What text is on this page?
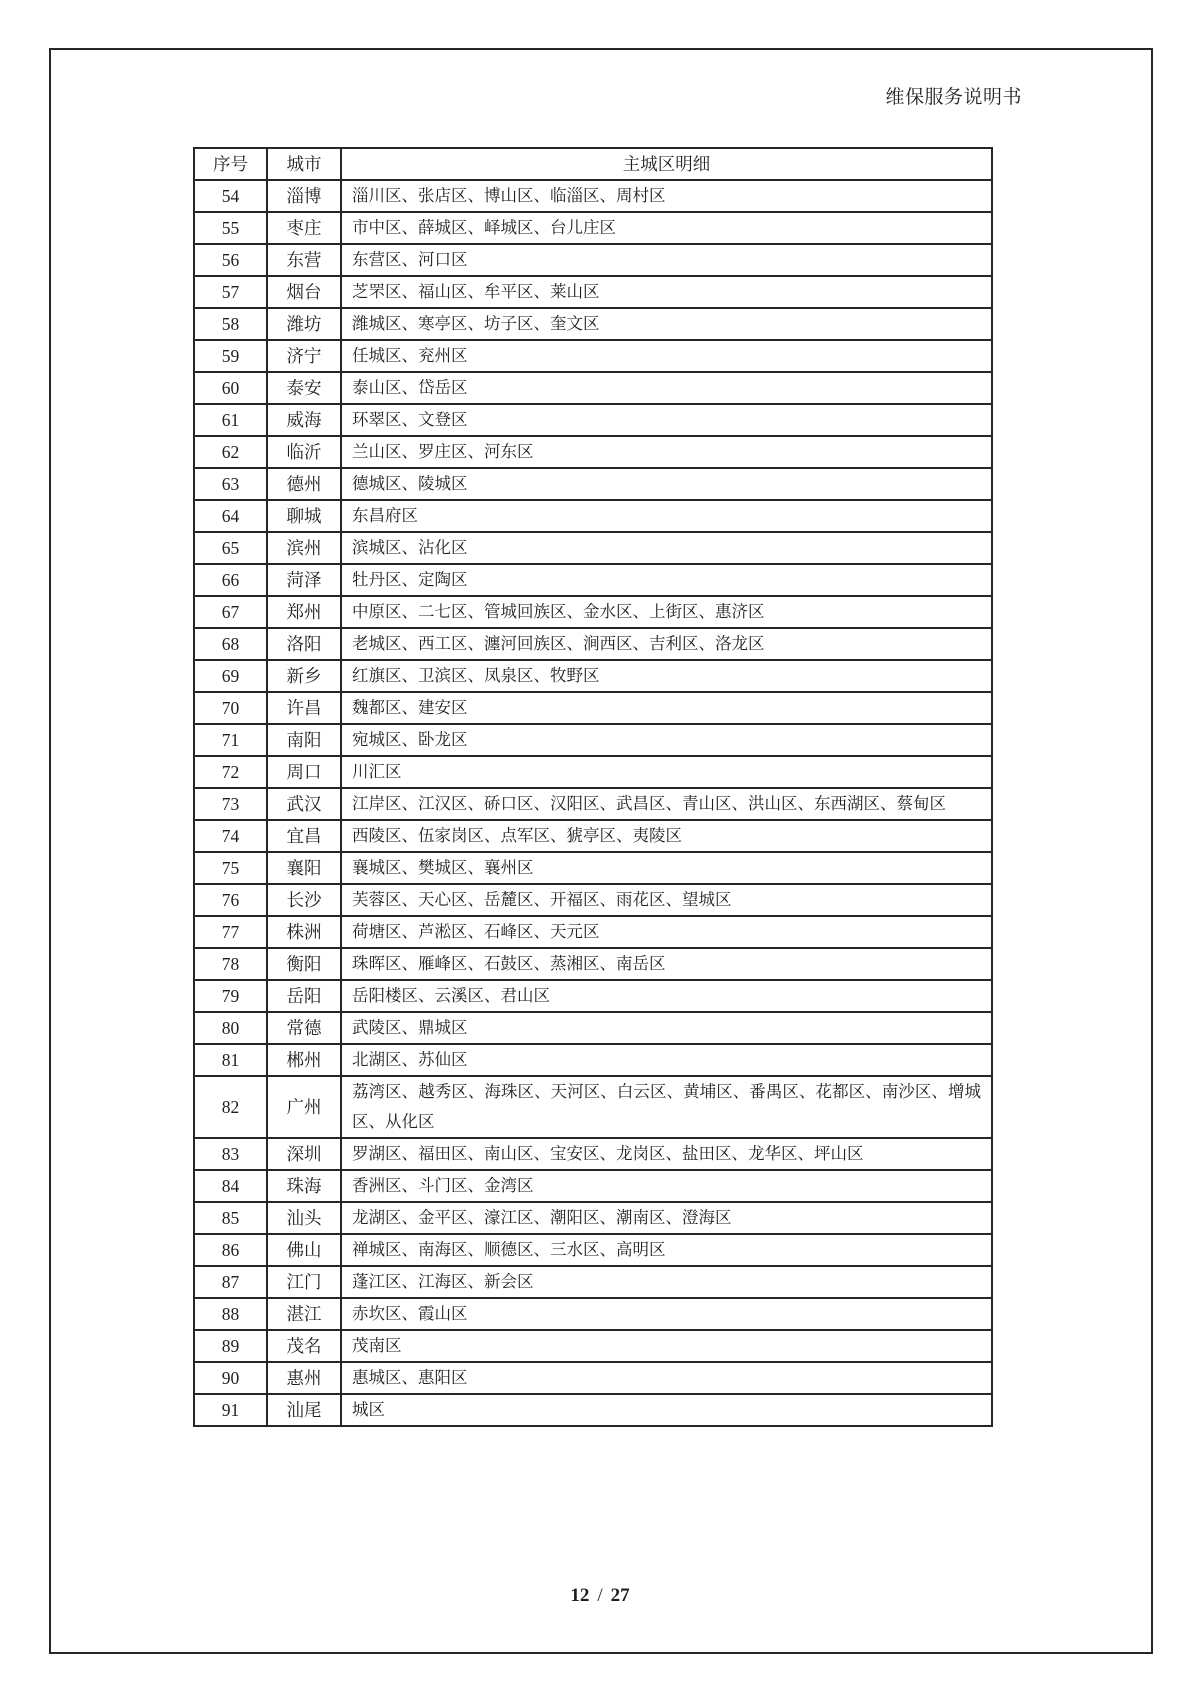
维保服务说明书
序号	城市	主城区明细
54	淄博	淄川区、张店区、博山区、临淄区、周村区
55	枣庄	市中区、薛城区、峄城区、台儿庄区
56	东营	东营区、河口区
57	烟台	芝罘区、福山区、牟平区、莱山区
58	潍坊	潍城区、寒亭区、坊子区、奎文区
59	济宁	任城区、兖州区
60	泰安	泰山区、岱岳区
61	威海	环翠区、文登区
62	临沂	兰山区、罗庄区、河东区
63	德州	德城区、陵城区
64	聊城	东昌府区
65	滨州	滨城区、沾化区
66	菏泽	牡丹区、定陶区
67	郑州	中原区、二七区、管城回族区、金水区、上街区、惠济区
68	洛阳	老城区、西工区、瀍河回族区、涧西区、吉利区、洛龙区
69	新乡	红旗区、卫滨区、凤泉区、牧野区
70	许昌	魏都区、建安区
71	南阳	宛城区、卧龙区
72	周口	川汇区
73	武汉	江岸区、江汉区、硚口区、汉阳区、武昌区、青山区、洪山区、东西湖区、蔡甸区
74	宜昌	西陵区、伍家岗区、点军区、猇亭区、夷陵区
75	襄阳	襄城区、樊城区、襄州区
76	长沙	芙蓉区、天心区、岳麓区、开福区、雨花区、望城区
77	株洲	荷塘区、芦淞区、石峰区、天元区
78	衡阳	珠晖区、雁峰区、石鼓区、蒸湘区、南岳区
79	岳阳	岳阳楼区、云溪区、君山区
80	常德	武陵区、鼎城区
81	郴州	北湖区、苏仙区
82	广州	荔湾区、越秀区、海珠区、天河区、白云区、黄埔区、番禺区、花都区、南沙区、增城区、从化区
83	深圳	罗湖区、福田区、南山区、宝安区、龙岗区、盐田区、龙华区、坪山区
84	珠海	香洲区、斗门区、金湾区
85	汕头	龙湖区、金平区、濠江区、潮阳区、潮南区、澄海区
86	佛山	禅城区、南海区、顺德区、三水区、高明区
87	江门	蓬江区、江海区、新会区
88	湛江	赤坎区、霞山区
89	茂名	茂南区
90	惠州	惠城区、惠阳区
91	汕尾	城区
12 / 27
